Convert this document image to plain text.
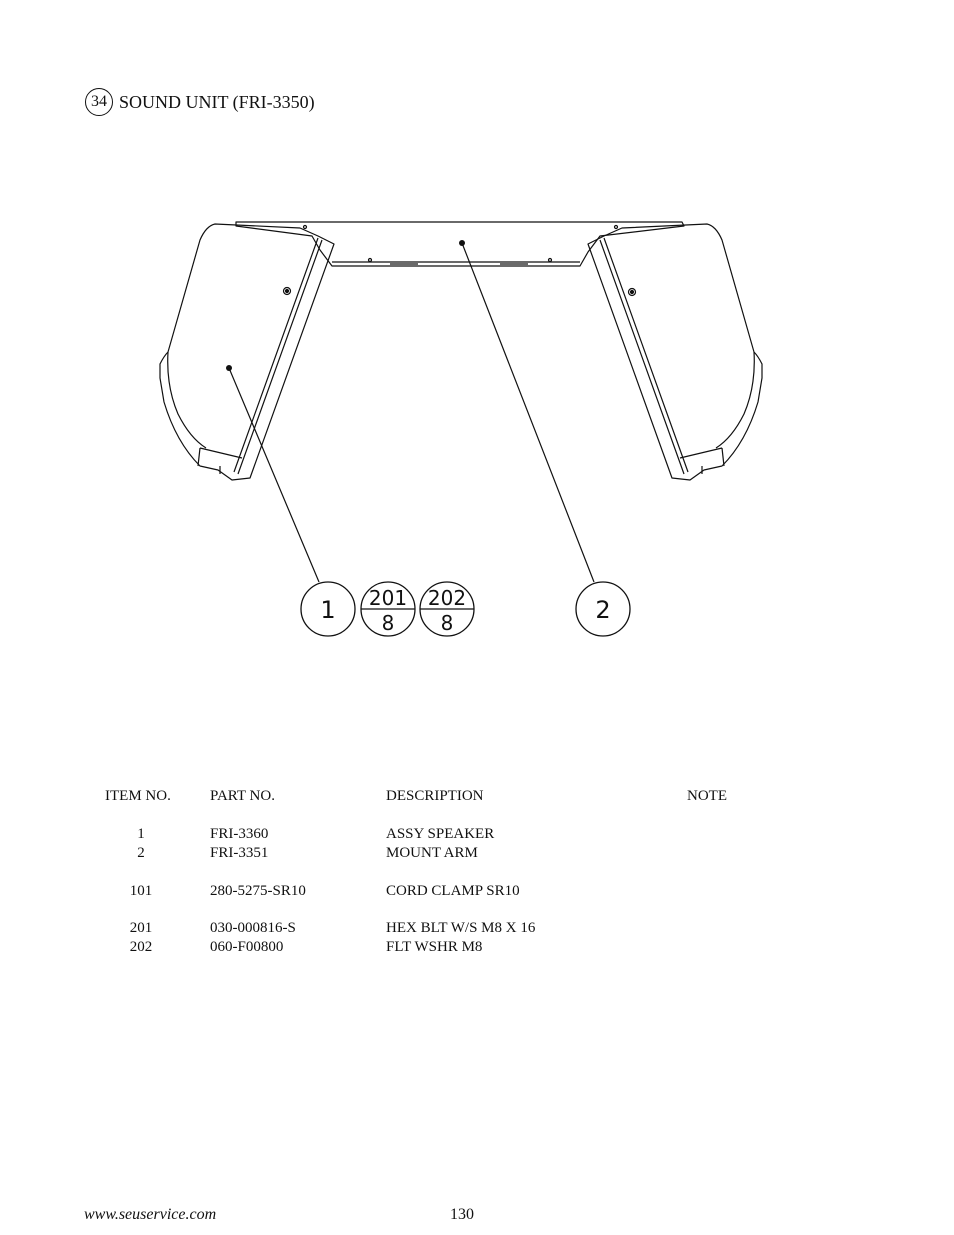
34 SOUND UNIT (FRI-3350)
1 201
8
202
8	2
ITEM NO.	PART NO.	DESCRIPTION	NOTE
1	FRI-3360	ASSY SPEAKER
2	FRI-3351	MOUNT ARM
101	280-5275-SR10	CORD CLAMP SR10
201	030-000816-S	HEX BLT W/S M8 X 16
202	060-F00800	FLT WSHR M8
www.seuservice.com	130
